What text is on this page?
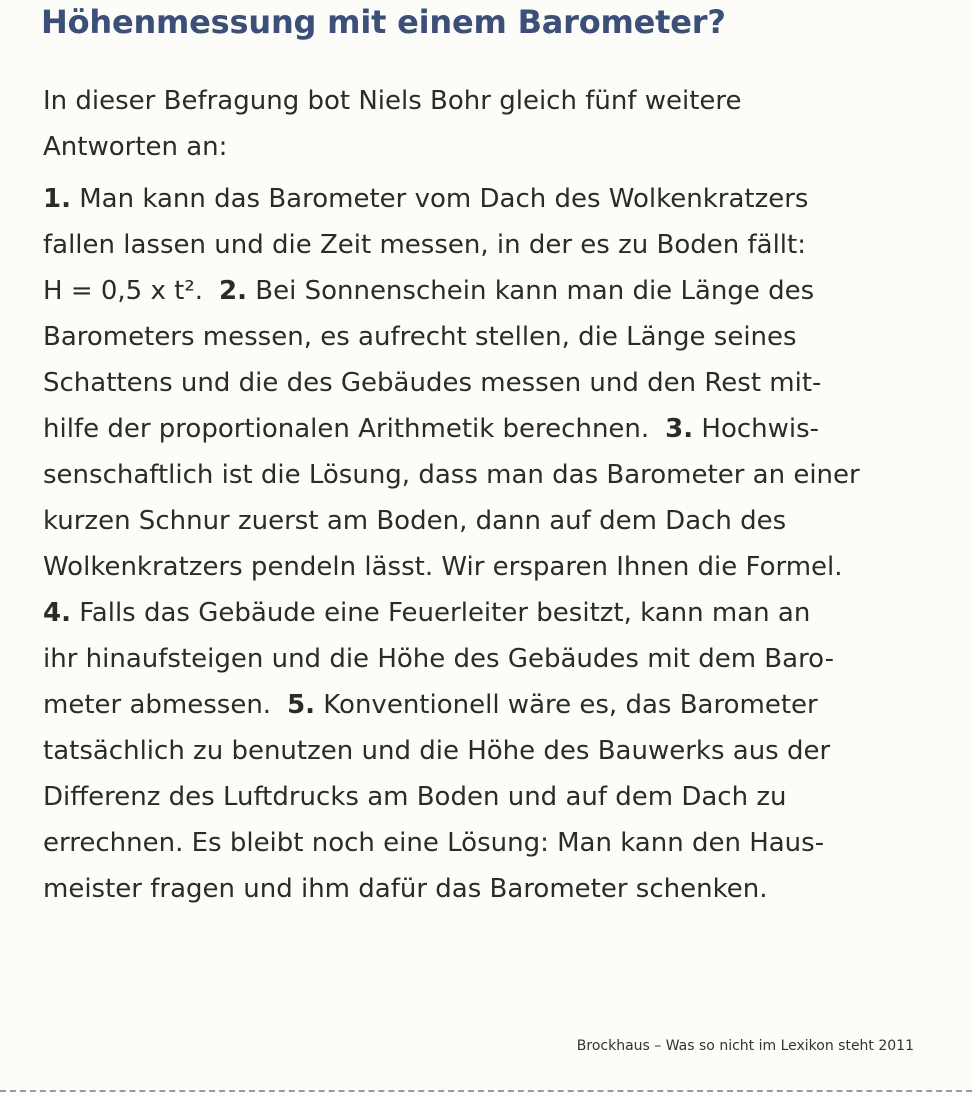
Höhenmessung mit einem Barometer?
In dieser Befragung bot Niels Bohr gleich fünf weitere
Antworten an:
1. Man kann das Barometer vom Dach des Wolkenkratzers
fallen lassen und die Zeit messen, in der es zu Boden fällt:
H = 0,5 x t². 2. Bei Sonnenschein kann man die Länge des
Barometers messen, es aufrecht stellen, die Länge seines
Schattens und die des Gebäudes messen und den Rest mit-
hilfe der proportionalen Arithmetik berechnen. 3. Hochwis-
senschaftlich ist die Lösung, dass man das Barometer an einer
kurzen Schnur zuerst am Boden, dann auf dem Dach des
Wolkenkratzers pendeln lässt. Wir ersparen Ihnen die Formel.
4. Falls das Gebäude eine Feuerleiter besitzt, kann man an
ihr hinaufsteigen und die Höhe des Gebäudes mit dem Baro-
meter abmessen. 5. Konventionell wäre es, das Barometer
tatsächlich zu benutzen und die Höhe des Bauwerks aus der
Differenz des Luftdrucks am Boden und auf dem Dach zu
errechnen. Es bleibt noch eine Lösung: Man kann den Haus-
meister fragen und ihm dafür das Barometer schenken.
Brockhaus – Was so nicht im Lexikon steht 2011
